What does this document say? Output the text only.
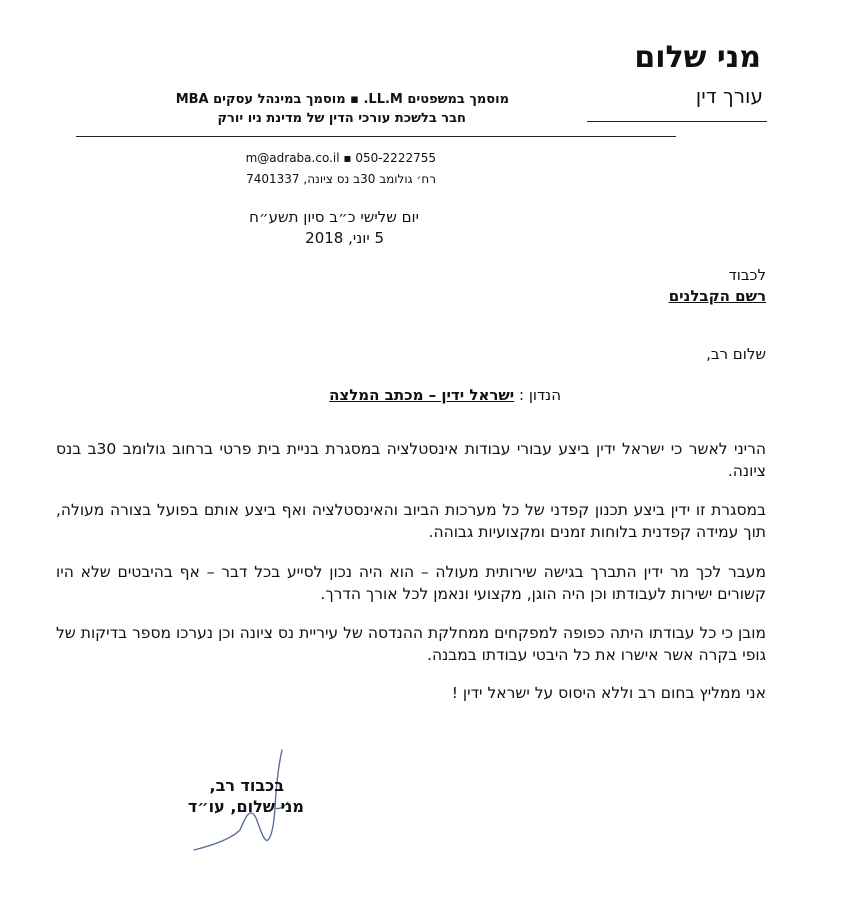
מני שלום
עורך דין
מוסמך במשפטים LL.M. ▪ מוסמך במינהל עסקים MBA
חבר בלשכת עורכי הדין של מדינת ניו יורק
m@adraba.co.il ▪ 050-2222755
רח׳ גולומב 30ב נס ציונה, 7401337
יום שלישי כ״ב סיון תשע״ח
5 יוני, 2018
לכבוד
רשם הקבלנים
שלום רב,
הנדון : ישראל ידין – מכתב המלצה
הריני לאשר כי ישראל ידין ביצע עבורי עבודות אינסטלציה במסגרת בניית בית פרטי ברחוב גולומב 30ב בנס ציונה.
במסגרת זו ידין ביצע תכנון קפדני של כל מערכות הביוב והאינסטלציה ואף ביצע אותם בפועל בצורה מעולה, תוך עמידה קפדנית בלוחות זמנים ומקצועיות גבוהה.
מעבר לכך מר ידין התברך בגישה שירותית מעולה – הוא היה נכון לסייע בכל דבר – אף בהיבטים שלא היו קשורים ישירות לעבודתו וכן היה הוגן, מקצועי ונאמן לכל אורך הדרך.
מובן כי כל עבודתו היתה כפופה למפקחים ממחלקת ההנדסה של עיריית נס ציונה וכן נערכו מספר בדיקות של גופי בקרה אשר אישרו את כל היבטי עבודתו במבנה.
אני ממליץ בחום רב וללא היסוס על ישראל ידין !
בכבוד רב,
מני שלום, עו״ד
